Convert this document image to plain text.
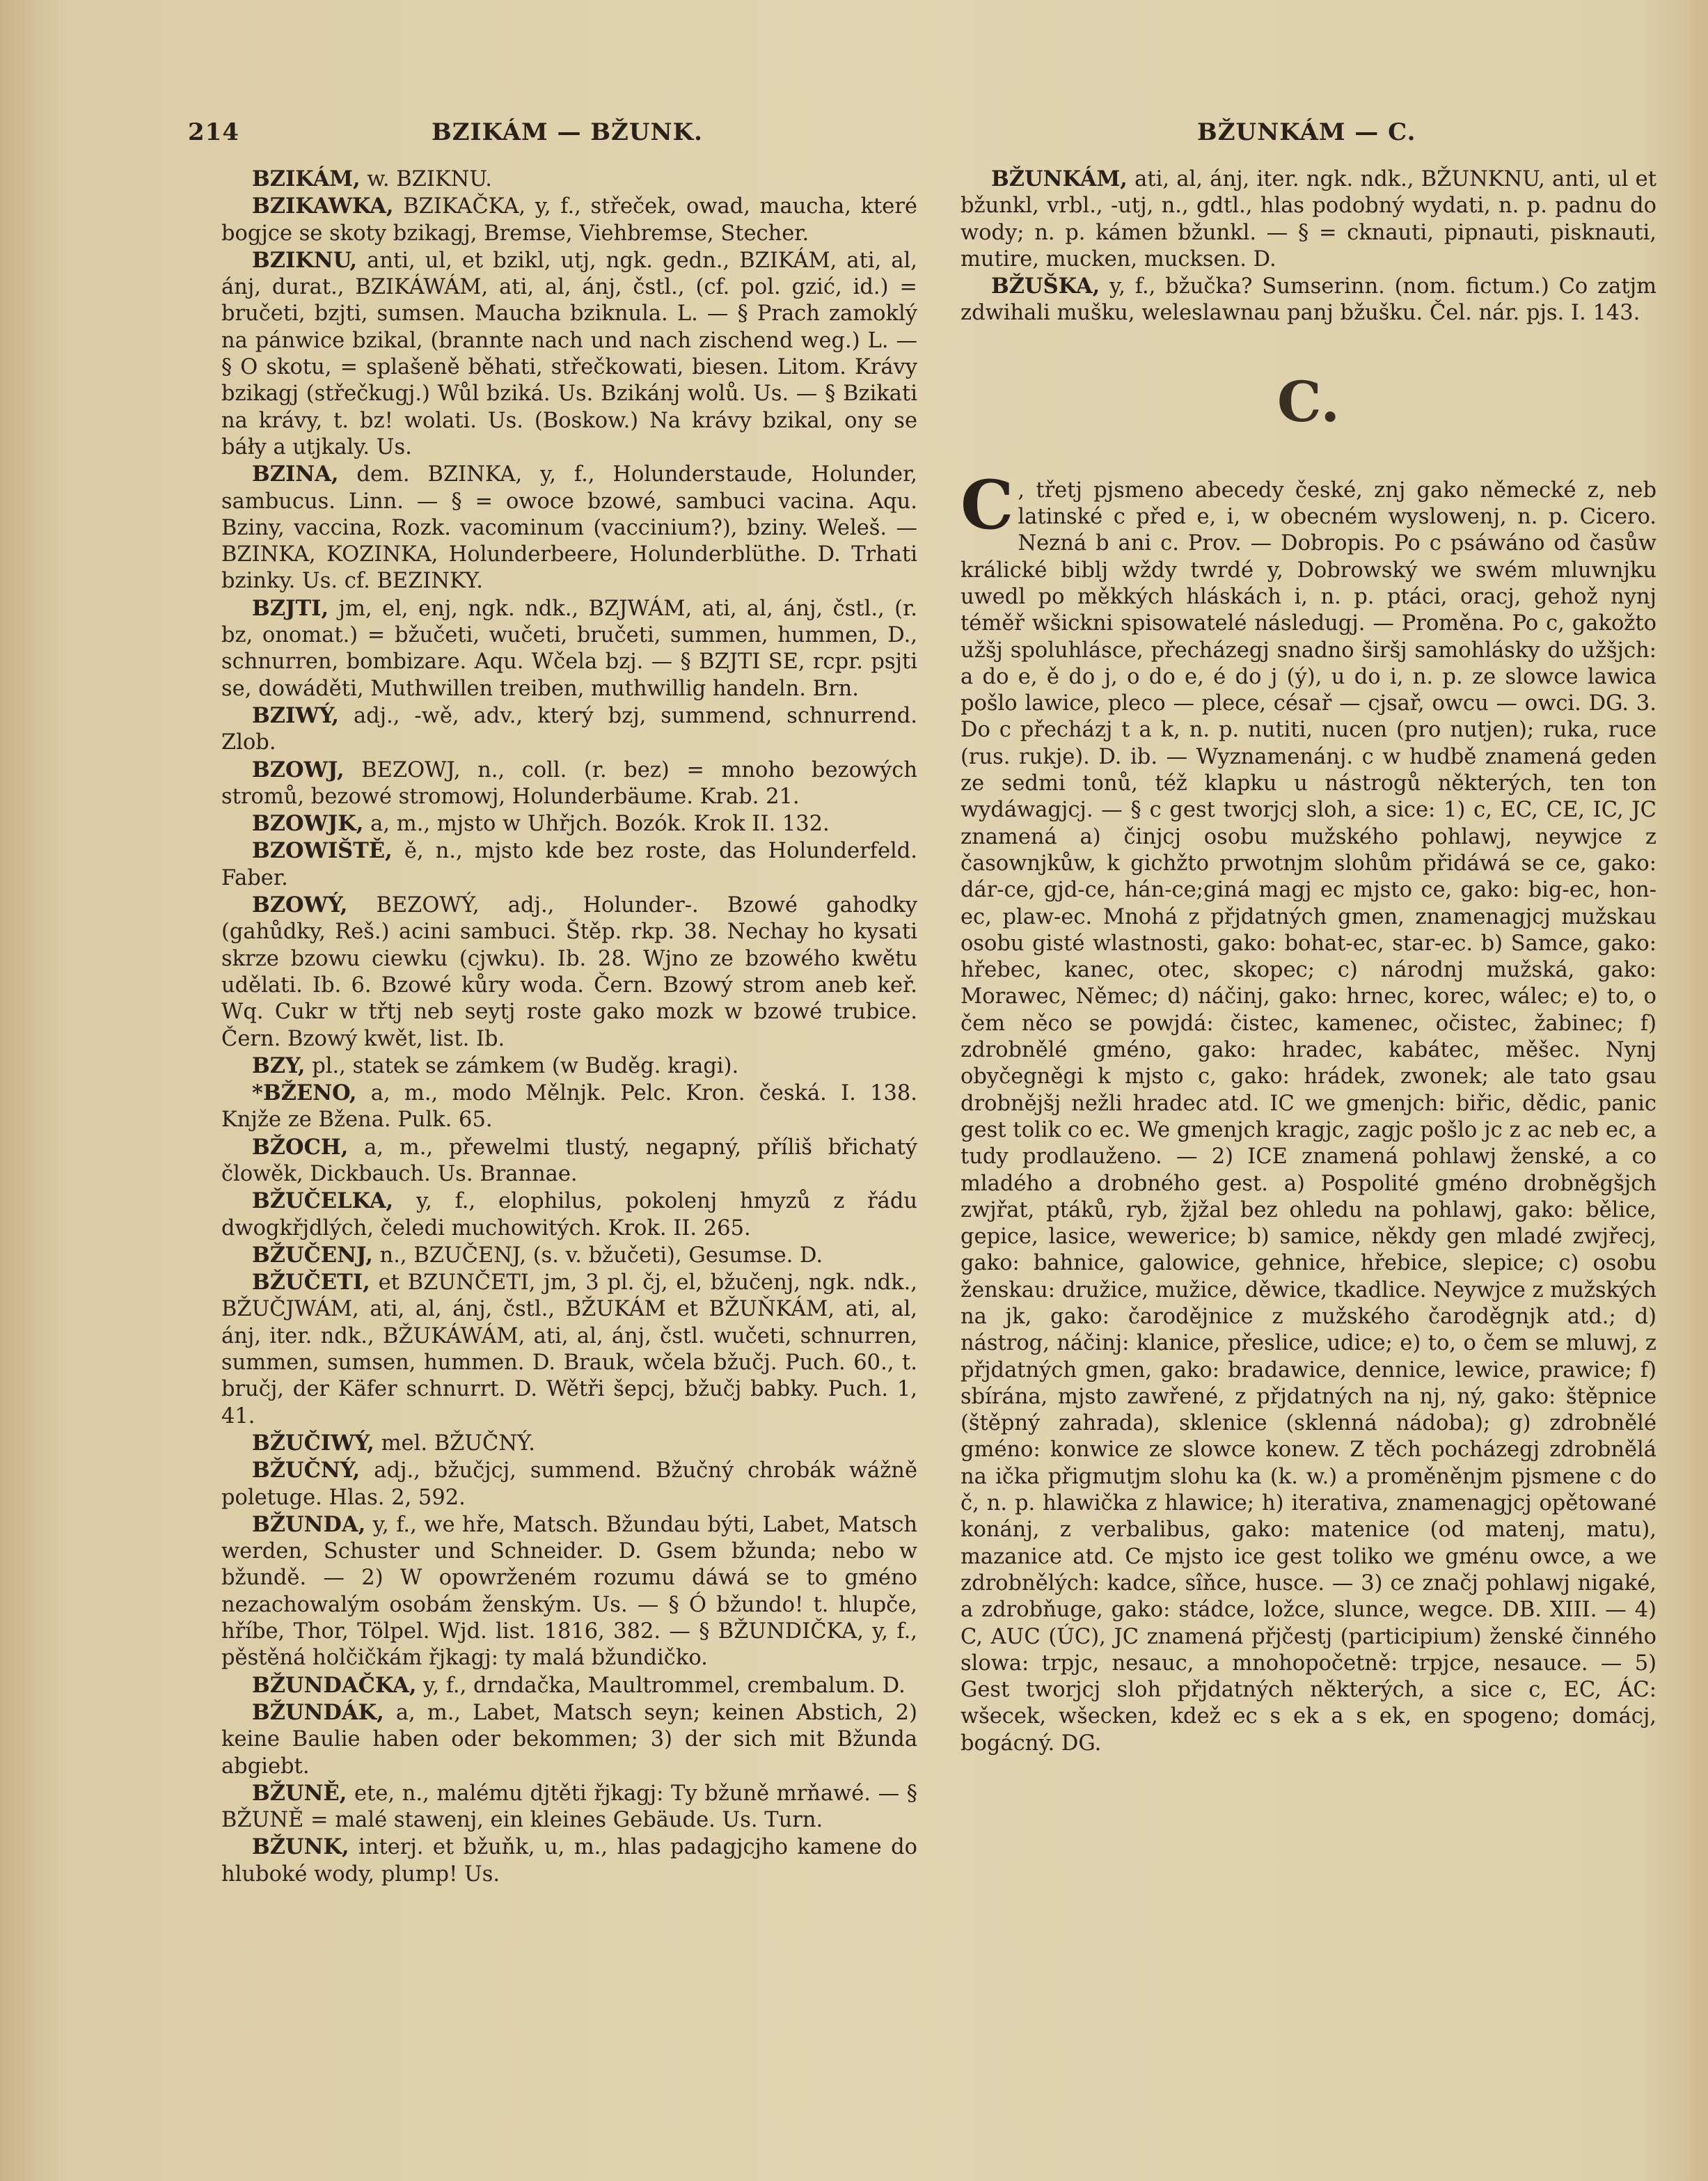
214	BZIKÁM — BŽUNK.	BŽUNKÁM — C.

BZIKÁM, w. BZIKNU.

BZIKAWKA, BZIKAČKA, y, f., střeček, owad, maucha, které bogjce se skoty bzikagj, Bremse, Viehbremse, Stecher.

BZIKNU, anti, ul, et bzikl, utj, ngk. gedn., BZIKÁM, ati, al, ánj, durat., BZIKÁWÁM, ati, al, ánj, čstl., (cf. pol. gzić, id.) = bručeti, bzjti, sumsen. Maucha bziknula. L. — § Prach zamoklý na pánwice bzikal, (brannte nach und nach zischend weg.) L. — § O skotu, = splašeně běhati, střečkowati, biesen. Litom. Krávy bzikagj (střečkugj.) Wůl bziká. Us. Bzikánj wolů. Us. — § Bzikati na krávy, t. bz! wolati. Us. (Boskow.) Na krávy bzikal, ony se báły a utjkaly. Us.

BZINA, dem. BZINKA, y, f., Holunderstaude, Holunder, sambucus. Linn. — § = owoce bzowé, sambuci vacina. Aqu. Bziny, vaccina, Rozk. vacominum (vaccinium?), bziny. Weleš. — BZINKA, KOZINKA, Holunderbeere, Holunderblüthe. D. Trhati bzinky. Us. cf. BEZINKY.

BZJTI, jm, el, enj, ngk. ndk., BZJWÁM, ati, al, ánj, čstl., (r. bz, onomat.) = bžučeti, wučeti, bručeti, summen, hummen, D., schnurren, bombizare. Aqu. Wčela bzj. — § BZJTI SE, rcpr. psjti se, dowáděti, Muthwillen treiben, muthwillig handeln. Brn.

BZIWÝ, adj., -wě, adv., který bzj, summend, schnurrend. Zlob.

BZOWJ, BEZOWJ, n., coll. (r. bez) = mnoho bezowých stromů, bezowé stromowj, Holunderbäume. Krab. 21.

BZOWJK, a, m., mjsto w Uhřjch. Bozók. Krok II. 132.

BZOWIŠTĚ, ě, n., mjsto kde bez roste, das Holunderfeld. Faber.

BZOWÝ, BEZOWÝ, adj., Holunder-. Bzowé gahodky (gahůdky, Reš.) acini sambuci. Štěp. rkp. 38. Nechay ho kysati skrze bzowu ciewku (cjwku). Ib. 28. Wjno ze bzowého kwětu udělati. Ib. 6. Bzowé kůry woda. Čern. Bzowý strom aneb keř. Wq. Cukr w třtj neb seytj roste gako mozk w bzowé trubice. Čern. Bzowý kwět, list. Ib.

BZY, pl., statek se zámkem (w Buděg. kragi).

*BŽENO, a, m., modo Mělnjk. Pelc. Kron. česká. I. 138. Knjže ze Bžena. Pulk. 65.

BŽOCH, a, m., přewelmi tlustý, negapný, příliš břichatý člowěk, Dickbauch. Us. Brannae.

BŽUČELKA, y, f., elophilus, pokolenj hmyzů z řádu dwogkřjdlých, čeledi muchowitých. Krok. II. 265.

BŽUČENJ, n., BZUČENJ, (s. v. bžučeti), Gesumse. D.

BŽUČETI, et BZUNČETI, jm, 3 pl. čj, el, bžučenj, ngk. ndk., BŽUČJWÁM, ati, al, ánj, čstl., BŽUKÁM et BŽUŇKÁM, ati, al, ánj, iter. ndk., BŽUKÁWÁM, ati, al, ánj, čstl. wučeti, schnurren, summen, sumsen, hummen. D. Brauk, wčela bžučj. Puch. 60., t. bručj, der Käfer schnurrt. D. Wětři šepcj, bžučj babky. Puch. 1, 41.

BŽUČIWÝ, mel. BŽUČNÝ.

BŽUČNÝ, adj., bžučjcj, summend. Bžučný chrobák wážně poletuge. Hlas. 2, 592.

BŽUNDA, y, f., we hře, Matsch. Bžundau býti, Labet, Matsch werden, Schuster und Schneider. D. Gsem bžunda; nebo w bžundě. — 2) W opowrženém rozumu dáwá se to gméno nezachowalým osobám ženským. Us. — § Ó bžundo! t. hlupče, hříbe, Thor, Tölpel. Wjd. list. 1816, 382. — § BŽUNDIČKA, y, f., pěstěná holčičkám řjkagj: ty malá bžundičko.

BŽUNDAČKA, y, f., drndačka, Maultrommel, crembalum. D.

BŽUNDÁK, a, m., Labet, Matsch seyn; keinen Abstich, 2) keine Baulie haben oder bekommen; 3) der sich mit Bžunda abgiebt.

BŽUNĚ, ete, n., malému djtěti řjkagj: Ty bžuně mrňawé. — § BŽUNĚ = malé stawenj, ein kleines Gebäude. Us. Turn.

BŽUNK, interj. et bžuňk, u, m., hlas padagjcjho kamene do hluboké wody, plump! Us.

BŽUNKÁM, ati, al, ánj, iter. ngk. ndk., BŽUNKNU, anti, ul et bžunkl, vrbl., -utj, n., gdtl., hlas podobný wydati, n. p. padnu do wody; n. p. kámen bžunkl. — § = cknauti, pipnauti, pisknauti, mutire, mucken, mucksen. D.

BŽUŠKA, y, f., bžučka? Sumserinn. (nom. fictum.) Co zatjm zdwihali mušku, weleslawnau panj bžušku. Čel. nár. pjs. I. 143.

C.

C , třetj pjsmeno abecedy české, znj gako německé z, neb latinské c před e, i, w obecném wyslowenj, n. p. Cicero. Nezná b ani c. Prov. — Dobropis. Po c psáwáno od časůw králické biblj wždy twrdé y, Dobrowský we swém mluwnjku uwedl po měkkých hláskách i, n. p. ptáci, oracj, gehož nynj téměř wšickni spisowatelé následugj. — Proměna. Po c, gakožto užšj spoluhlásce, přecházegj snadno širšj samohlásky do užšjch: a do e, ě do j, o do e, é do j (ý), u do i, n. p. ze slowce lawica pošlo lawice, pleco — plece, césař — cjsař, owcu — owci. DG. 3. Do c přecházj t a k, n. p. nutiti, nucen (pro nutjen); ruka, ruce (rus. rukje). D. ib. — Wyznamenánj. c w hudbě znamená geden ze sedmi tonů, též klapku u nástrogů některých, ten ton wydáwagjcj. — § c gest tworjcj sloh, a sice: 1) c, EC, CE, IC, JC znamená a) činjcj osobu mužského pohlawj, neywjce z časownjkůw, k gichžto prwotnjm slohům přidáwá se ce, gako: dár-ce, gjd-ce, hán-ce;giná magj ec mjsto ce, gako: big-ec, hon-ec, plaw-ec. Mnohá z přjdatných gmen, znamenagjcj mužskau osobu gisté wlastnosti, gako: bohat-ec, star-ec. b) Samce, gako: hřebec, kanec, otec, skopec; c) národnj mužská, gako: Morawec, Němec; d) náčinj, gako: hrnec, korec, wálec; e) to, o čem něco se powjdá: čistec, kamenec, očistec, žabinec; f) zdrobnělé gméno, gako: hradec, kabátec, měšec. Nynj obyčegněgi k mjsto c, gako: hrádek, zwonek; ale tato gsau drobnějšj nežli hradec atd. IC we gmenjch: biřic, dědic, panic gest tolik co ec. We gmenjch kragjc, zagjc pošlo jc z ac neb ec, a tudy prodlauženo. — 2) ICE znamená pohlawj ženské, a co mladého a drobného gest. a) Pospolité gméno drobněgšjch zwjřat, ptáků, ryb, žjžal bez ohledu na pohlawj, gako: bělice, gepice, lasice, wewerice; b) samice, někdy gen mladé zwjřecj, gako: bahnice, galowice, gehnice, hřebice, slepice; c) osobu ženskau: družice, mužice, děwice, tkadlice. Neywjce z mužských na jk, gako: čarodějnice z mužského čaroděgnjk atd.; d) nástrog, náčinj: klanice, přeslice, udice; e) to, o čem se mluwj, z přjdatných gmen, gako: bradawice, dennice, lewice, prawice; f) sbírána, mjsto zawřené, z přjdatných na nj, ný, gako: štěpnice (štěpný zahrada), sklenice (sklenná nádoba); g) zdrobnělé gméno: konwice ze slowce konew. Z těch pocházegj zdrobnělá na ička přigmutjm slohu ka (k. w.) a proměněnjm pjsmene c do č, n. p. hlawička z hlawice; h) iterativa, znamenagjcj opětowané konánj, z verbalibus, gako: matenice (od matenj, matu), mazanice atd. Ce mjsto ice gest toliko we gménu owce, a we zdrobnělých: kadce, sîňce, husce. — 3) ce značj pohlawj nigaké, a zdrobňuge, gako: stádce, ložce, slunce, wegce. DB. XIII. — 4) C, AUC (ÚC), JC znamená přjčestj (participium) ženské činného slowa: trpjc, nesauc, a mnohopočetně: trpjce, nesauce. — 5) Gest tworjcj sloh přjdatných některých, a sice c, EC, ÁC: wšecek, wšecken, kdež ec s ek a s ek, en spogeno; domácj, bogácný. DG.
